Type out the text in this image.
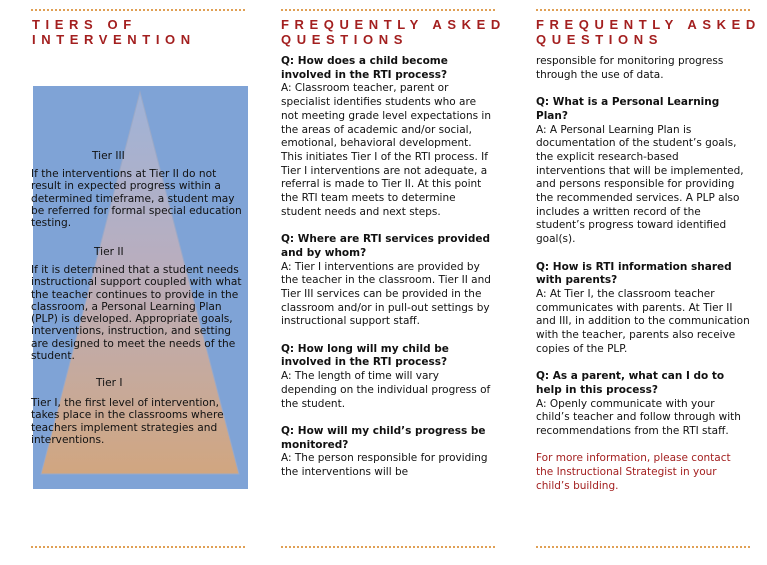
TIERS OF
INTERVENTION
Tier III
If the interventions at Tier II do not result in expected progress within a determined timeframe, a student may be referred for formal special education testing.
Tier II
If it is determined that a student needs instructional support coupled with what the teacher continues to provide in the classroom, a Personal Learning Plan (PLP) is developed. Appropriate goals, interventions, instruction, and setting are designed to meet the needs of the student.
Tier I
Tier I, the first level of intervention, takes place in the classrooms where teachers implement strategies and interventions.
FREQUENTLY ASKED
QUESTIONS
Q: How does a child become involved in the RTI process?
A: Classroom teacher, parent or specialist identifies students who are not meeting grade level expectations in the areas of academic and/or social, emotional, behavioral development. This initiates Tier I of the RTI process. If Tier I interventions are not adequate, a referral is made to Tier II. At this point the RTI team meets to determine student needs and next steps.
Q: Where are RTI services provided and by whom?
A: Tier I interventions are provided by the teacher in the classroom. Tier II and Tier III services can be provided in the classroom and/or in pull-out settings by instructional support staff.
Q: How long will my child be involved in the RTI process?
A: The length of time will vary depending on the individual progress of the student.
Q: How will my child’s progress be monitored?
A: The person responsible for providing the interventions will be
FREQUENTLY ASKED
QUESTIONS
responsible for monitoring progress through the use of data.
Q: What is a Personal Learning Plan?
A: A Personal Learning Plan is documentation of the student’s goals, the explicit research-based interventions that will be implemented, and persons responsible for providing the recommended services. A PLP also includes a written record of the student’s progress toward identified goal(s).
Q: How is RTI information shared with parents?
A: At Tier I, the classroom teacher communicates with parents. At Tier II and III, in addition to the communication with the teacher, parents also receive copies of the PLP.
Q: As a parent, what can I do to help in this process?
A: Openly communicate with your child’s teacher and follow through with recommendations from the RTI staff.
For more information, please contact the Instructional Strategist in your child’s building.
